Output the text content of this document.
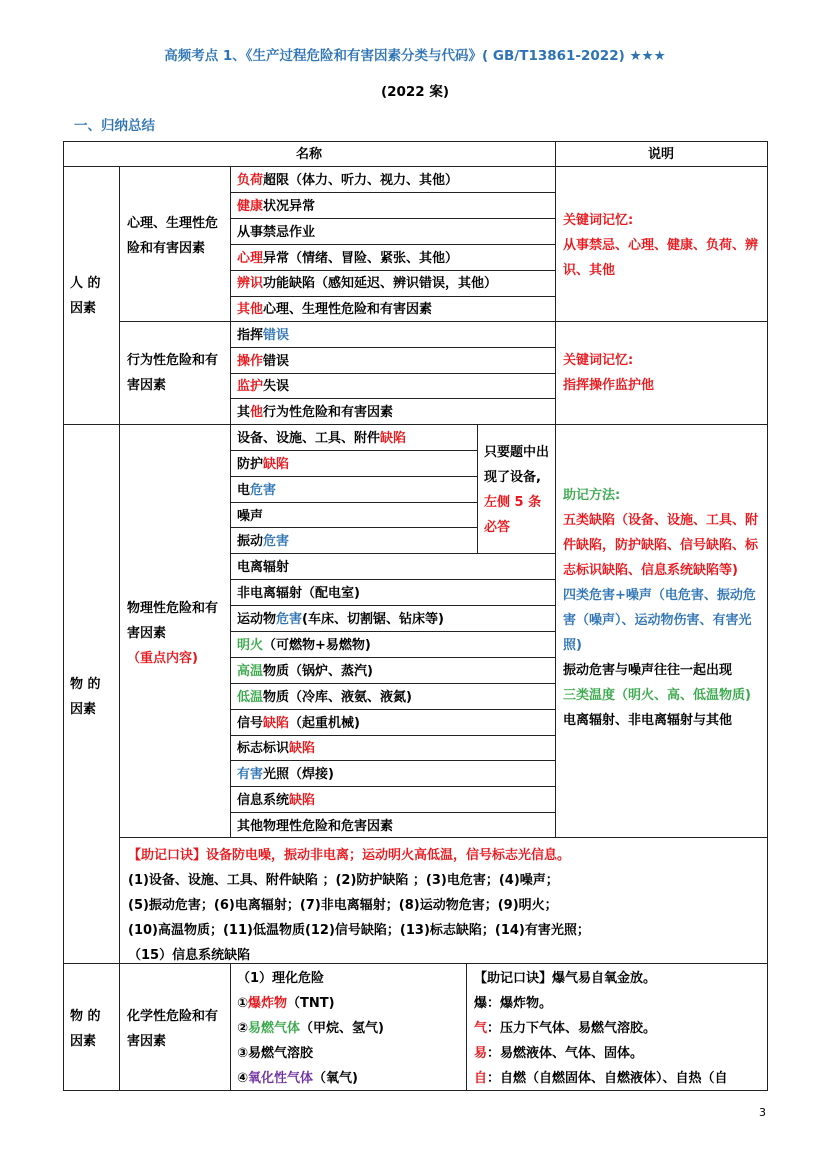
高频考点 1、《生产过程危险和有害因素分类与代码》( GB/T13861-2022) ★★★
(2022 案)
一、归纳总结
名称	说明
人 的 因素
心理、生理性危险和有害因素
负荷超限（体力、听力、视力、其他）
健康状况异常
从事禁忌作业
心理异常（情绪、冒险、紧张、其他）
辨识功能缺陷（感知延迟、辨识错误，其他）
其他心理、生理性危险和有害因素
关键词记忆:
从事禁忌、心理、健康、负荷、辨识、其他
行为性危险和有害因素
指挥错误
操作错误
监护失误
其他行为性危险和有害因素
关键词记忆:
指挥操作监护他
物 的 因素
物理性危险和有害因素
（重点内容)
设备、设施、工具、附件缺陷
防护缺陷
电危害
噪声
振动危害
电离辐射
非电离辐射（配电室)
运动物危害(车床、切割锯、钻床等)
明火（可燃物+易燃物)
高温物质（锅炉、蒸汽)
低温物质（冷库、液氨、液氮)
信号缺陷（起重机械)
标志标识缺陷
有害光照（焊接)
信息系统缺陷
其他物理性危险和危害因素
只要题中出现了设备,左侧 5 条必答
助记方法:
五类缺陷（设备、设施、工具、附件缺陷，防护缺陷、信号缺陷、标志标识缺陷、信息系统缺陷等)
四类危害+噪声（电危害、振动危害（噪声）、运动物伤害、有害光照)
振动危害与噪声往往一起出现
三类温度（明火、高、低温物质)
电离辐射、非电离辐射与其他
【助记口诀】设备防电噪，振动非电离；运动明火高低温，信号标志光信息。
(1)设备、设施、工具、附件缺陷 ；(2)防护缺陷 ；(3)电危害；(4)噪声；
(5)振动危害；(6)电离辐射；(7)非电离辐射；(8)运动物危害；(9)明火；
(10)高温物质；(11)低温物质(12)信号缺陷；(13)标志缺陷；(14)有害光照；
（15）信息系统缺陷
物 的 因素
化学性危险和有害因素
（1）理化危险
①爆炸物（TNT)
②易燃气体（甲烷、氢气)
③易燃气溶胶
④氧化性气体（氧气)
【助记口诀】爆气易自氧金放。
爆：爆炸物。
气：压力下气体、易燃气溶胶。
易：易燃液体、气体、固体。
自：自燃（自燃固体、自燃液体）、自热（自
3
